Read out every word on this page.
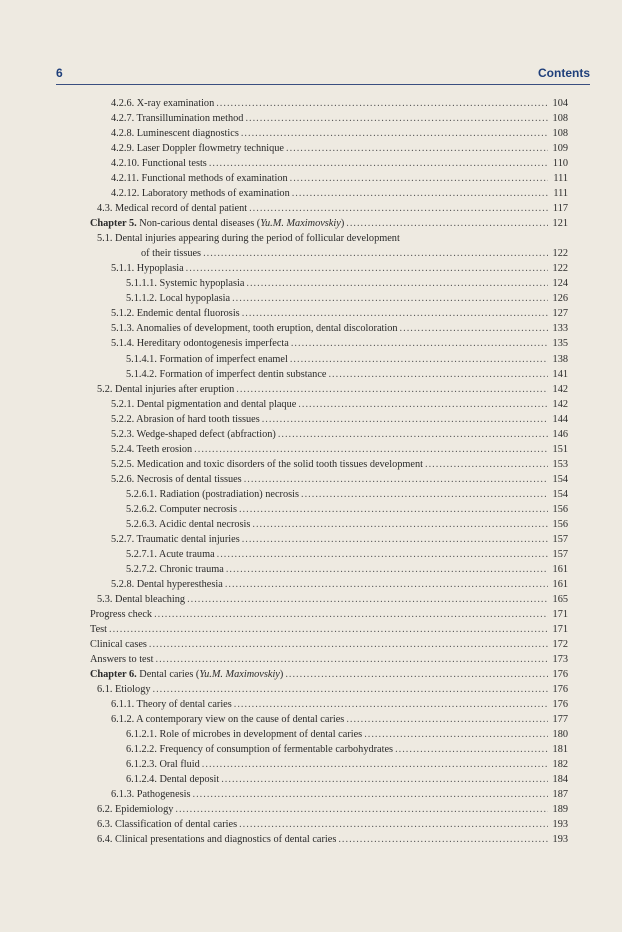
6	Contents
4.2.6. X-ray examination .....	104
4.2.7. Transillumination method .....	108
4.2.8. Luminescent diagnostics .....	108
4.2.9. Laser Doppler flowmetry technique .....	109
4.2.10. Functional tests .....	110
4.2.11. Functional methods of examination .....	111
4.2.12. Laboratory methods of examination .....	111
4.3. Medical record of dental patient .....	117
Chapter 5. Non-carious dental diseases (Yu.M. Maximovskiy) .....	121
5.1. Dental injuries appearing during the period of follicular development
of their tissues .....	122
5.1.1. Hypoplasia .....	122
5.1.1.1. Systemic hypoplasia .....	124
5.1.1.2. Local hypoplasia .....	126
5.1.2. Endemic dental fluorosis .....	127
5.1.3. Anomalies of development, tooth eruption, dental discoloration .....	133
5.1.4. Hereditary odontogenesis imperfecta .....	135
5.1.4.1. Formation of imperfect enamel .....	138
5.1.4.2. Formation of imperfect dentin substance .....	141
5.2. Dental injuries after eruption .....	142
5.2.1. Dental pigmentation and dental plaque .....	142
5.2.2. Abrasion of hard tooth tissues .....	144
5.2.3. Wedge-shaped defect (abfraction) .....	146
5.2.4. Teeth erosion .....	151
5.2.5. Medication and toxic disorders of the solid tooth tissues development .....	153
5.2.6. Necrosis of dental tissues .....	154
5.2.6.1. Radiation (postradiation) necrosis .....	154
5.2.6.2. Computer necrosis .....	156
5.2.6.3. Acidic dental necrosis .....	156
5.2.7. Traumatic dental injuries .....	157
5.2.7.1. Acute trauma .....	157
5.2.7.2. Chronic trauma .....	161
5.2.8. Dental hyperesthesia .....	161
5.3. Dental bleaching .....	165
Progress check .....	171
Test .....	171
Clinical cases .....	172
Answers to test .....	173
Chapter 6. Dental caries (Yu.M. Maximovskiy) .....	176
6.1. Etiology .....	176
6.1.1. Theory of dental caries .....	176
6.1.2. A contemporary view on the cause of dental caries .....	177
6.1.2.1. Role of microbes in development of dental caries .....	180
6.1.2.2. Frequency of consumption of fermentable carbohydrates .....	181
6.1.2.3. Oral fluid .....	182
6.1.2.4. Dental deposit .....	184
6.1.3. Pathogenesis .....	187
6.2. Epidemiology .....	189
6.3. Classification of dental caries .....	193
6.4. Clinical presentations and diagnostics of dental caries .....	193
